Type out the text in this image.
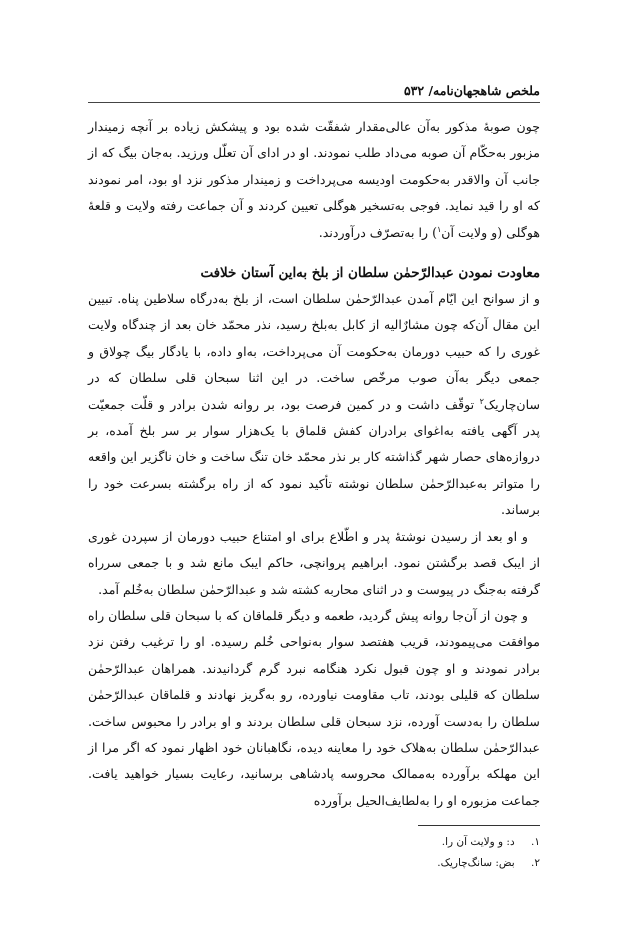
ملخص شاهجهان‌نامه/ ۵۳۲

چون صوبهٔ مذکور به‌آن عالی‌مقدار شفقّت شده بود و پیشکش زیاده بر آنچه زمیندار مزبور به‌حکّام آن صوبه می‌داد طلب نمودند. او در ادای آن تعلّل ورزید. به‌جان بیگ که از جانب آن والاقدر به‌حکومت اودیسه می‌پرداخت و زمیندار مذکور نزد او بود، امر نمودند که او را قید نماید. فوجی به‌تسخیر هوگلی تعیین کردند و آن جماعت رفته ولایت و قلعهٔ هوگلی (و ولایت آن$^۱$) را به‌تصرّف درآوردند.

معاودت نمودن عبدالرّحمٰن سلطان از بلخ به‌این آستان خلافت

و از سوانح این ایّام آمدن عبدالرّحمٰن سلطان است، از بلخ به‌درگاه سلاطین پناه. تبیین این مقال آن‌که چون مشارٌالیه از کابل به‌بلخ رسید، نذر محمّد خان بعد از چندگاه ولایت غوری را که حبیب دورمان به‌حکومت آن می‌پرداخت، به‌او داده، با یادگار بیگ چولاق و جمعی دیگر به‌آن صوب مرخّص ساخت. در این اثنا سبحان قلی سلطان که در سان‌چاریک$^۲$ توقّف داشت و در کمین فرصت بود، بر روانه شدن برادر و قلّت جمعیّت پدر آگهی یافته به‌اغوای برادران کفش قلماق با یک‌هزار سوار بر سر بلخ آمده، بر دروازه‌های حصار شهر گذاشته کار بر نذر محمّد خان تنگ ساخت و خان ناگزیر این واقعه را متواتر به‌عبدالرّحمٰن سلطان نوشته تأکید نمود که از راه برگشته بسرعت خود را برساند.

و او بعد از رسیدن نوشتهٔ پدر و اطّلاع برای او امتناع حبیب دورمان از سپردن غوری از ایبک قصد برگشتن نمود. ابراهیم پروانچی، حاکم ایبک مانع شد و با جمعی سرراه گرفته به‌جنگ در پیوست و در اثنای محاربه کشته شد و عبدالرّحمٰن سلطان به‌خُلم آمد.

و چون از آن‌جا روانه پیش گردید، طعمه و دیگر قلماقان که با سبحان قلی سلطان راه موافقت می‌پیمودند، قریب هفتصد سوار به‌نواحی خُلم رسیده. او را ترغیب رفتن نزد برادر نمودند و او چون قبول نکرد هنگامه نبرد گرم گردانیدند. همراهان عبدالرّحمٰن سلطان که قلیلی بودند، تاب مقاومت نیاورده، رو به‌گریز نهادند و قلماقان عبدالرّحمٰن سلطان را به‌دست آورده، نزد سبحان قلی سلطان بردند و او برادر را محبوس ساخت. عبدالرّحمٰن سلطان به‌هلاک خود را معاینه دیده، نگاهبانان خود اظهار نمود که اگر مرا از این مهلکه برآورده به‌ممالک محروسه پادشاهی برسانید، رعایت بسیار خواهید یافت. جماعت مزبوره او را به‌لطایف‌الحیل برآورده

۱. د: و ولایت آن را.
۲. بض: سانگ‌چاریک.
